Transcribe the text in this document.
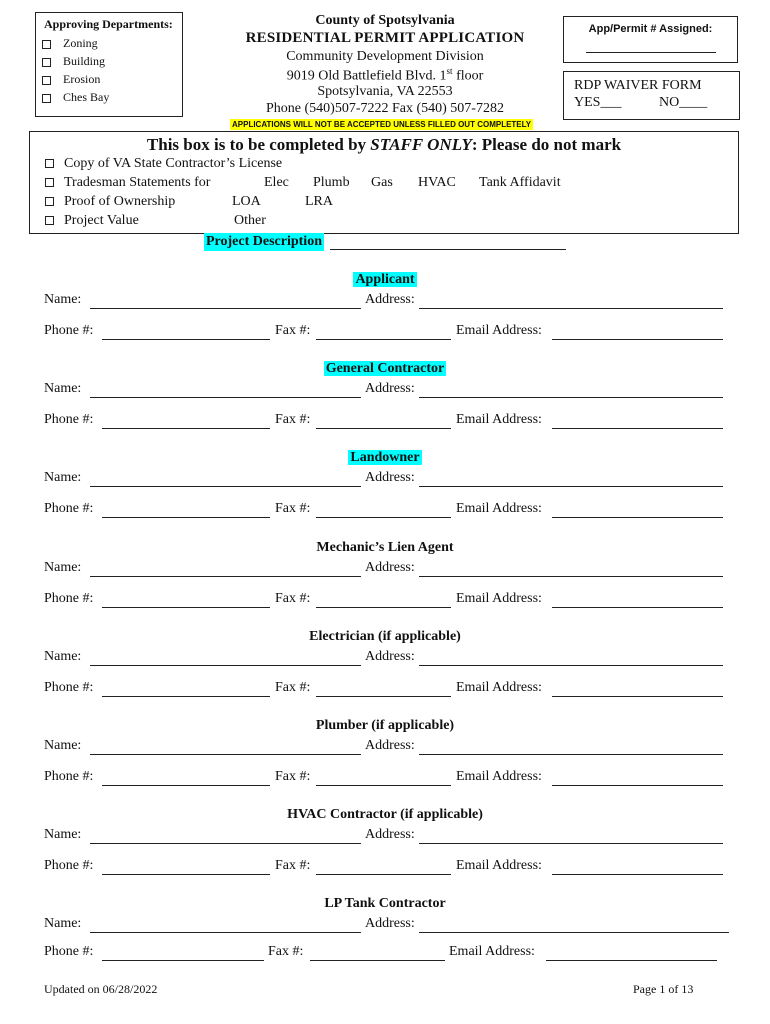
Approving Departments:
Zoning
Building
Erosion
Ches Bay
County of Spotsylvania
RESIDENTIAL PERMIT APPLICATION
Community Development Division
9019 Old Battlefield Blvd. 1st floor
Spotsylvania, VA 22553
Phone (540)507-7222 Fax (540) 507-7282
APPLICATIONS WILL NOT BE ACCEPTED UNLESS FILLED OUT COMPLETELY
App/Permit # Assigned:
RDP WAIVER FORM
YES___	NO____
This box is to be completed by STAFF ONLY: Please do not mark
Copy of VA State Contractor’s License
Tradesman Statements for	Elec Plumb Gas HVAC Tank Affidavit
Proof of Ownership	LOA	LRA
Project Value	Other
Project Description
Applicant
Name:	Address:
Phone #:	Fax #:	Email Address:
General Contractor
Name:	Address:
Phone #:	Fax #:	Email Address:
Landowner
Name:	Address:
Phone #:	Fax #:	Email Address:
Mechanic’s Lien Agent
Name:	Address:
Phone #:	Fax #:	Email Address:
Electrician (if applicable)
Name:	Address:
Phone #:	Fax #:	Email Address:
Plumber (if applicable)
Name:	Address:
Phone #:	Fax #:	Email Address:
HVAC Contractor (if applicable)
Name:	Address:
Phone #:	Fax #:	Email Address:
LP Tank Contractor
Name:	Address:
Phone #:	Fax #:	Email Address:
Updated on 06/28/2022	Page 1 of 13
